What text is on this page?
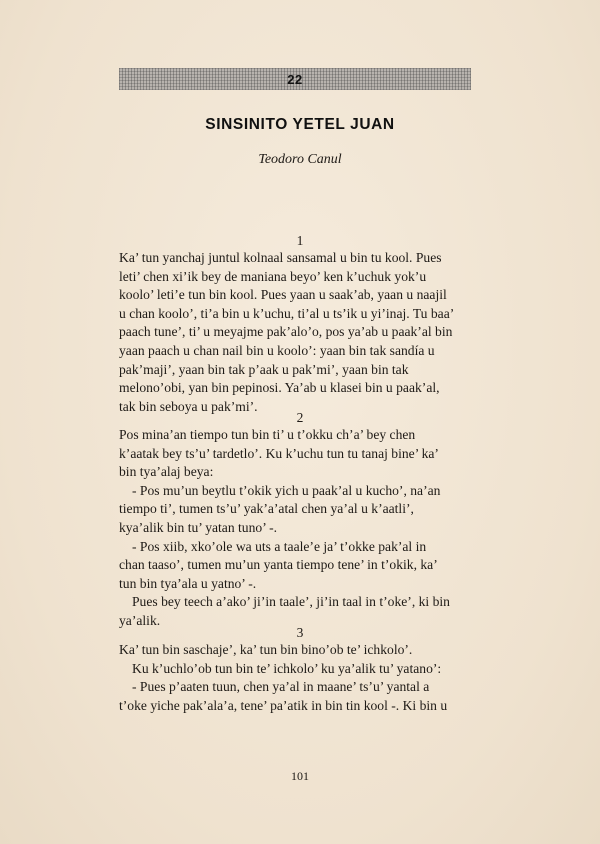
22
SINSINITO YETEL JUAN
Teodoro Canul
1
Ka’ tun yanchaj juntul kolnaal sansamal u bin tu kool. Pues
leti’ chen xi’ik bey de maniana beyo’ ken k’uchuk yok’u
koolo’ leti’e tun bin kool. Pues yaan u saak’ab, yaan u naajil
u chan koolo’, ti’a bin u k’uchu, ti’al u ts’ik u yi’inaj. Tu baa’
paach tune’, ti’ u meyajme pak’alo’o, pos ya’ab u paak’al bin
yaan paach u chan nail bin u koolo’: yaan bin tak sandía u
pak’maji’, yaan bin tak p’aak u pak’mi’, yaan bin tak
melono’obi, yan bin pepinosi. Ya’ab u klasei bin u paak’al,
tak bin seboya u pak’mi’.
2
Pos mina’an tiempo tun bin ti’ u t’okku ch’a’ bey chen
k’aatak bey ts’u’ tardetlo’. Ku k’uchu tun tu tanaj bine’ ka’
bin tya’alaj beya:
- Pos mu’un beytlu t’okik yich u paak’al u kucho’, na’an
tiempo ti’, tumen ts’u’ yak’a’atal chen ya’al u k’aatli’,
kya’alik bin tu’ yatan tuno’ -.
- Pos xiib, xko’ole wa uts a taale’e ja’ t’okke pak’al in
chan taaso’, tumen mu’un yanta tiempo tene’ in t’okik, ka’
tun bin tya’ala u yatno’ -.
Pues bey teech a’ako’ ji’in taale’, ji’in taal in t’oke’, ki bin
ya’alik.
3
Ka’ tun bin saschaje’, ka’ tun bin bino’ob te’ ichkolo’.
Ku k’uchlo’ob tun bin te’ ichkolo’ ku ya’alik tu’ yatano’:
- Pues p’aaten tuun, chen ya’al in maane’ ts’u’ yantal a
t’oke yiche pak’ala’a, tene’ pa’atik in bin tin kool -. Ki bin u
101
